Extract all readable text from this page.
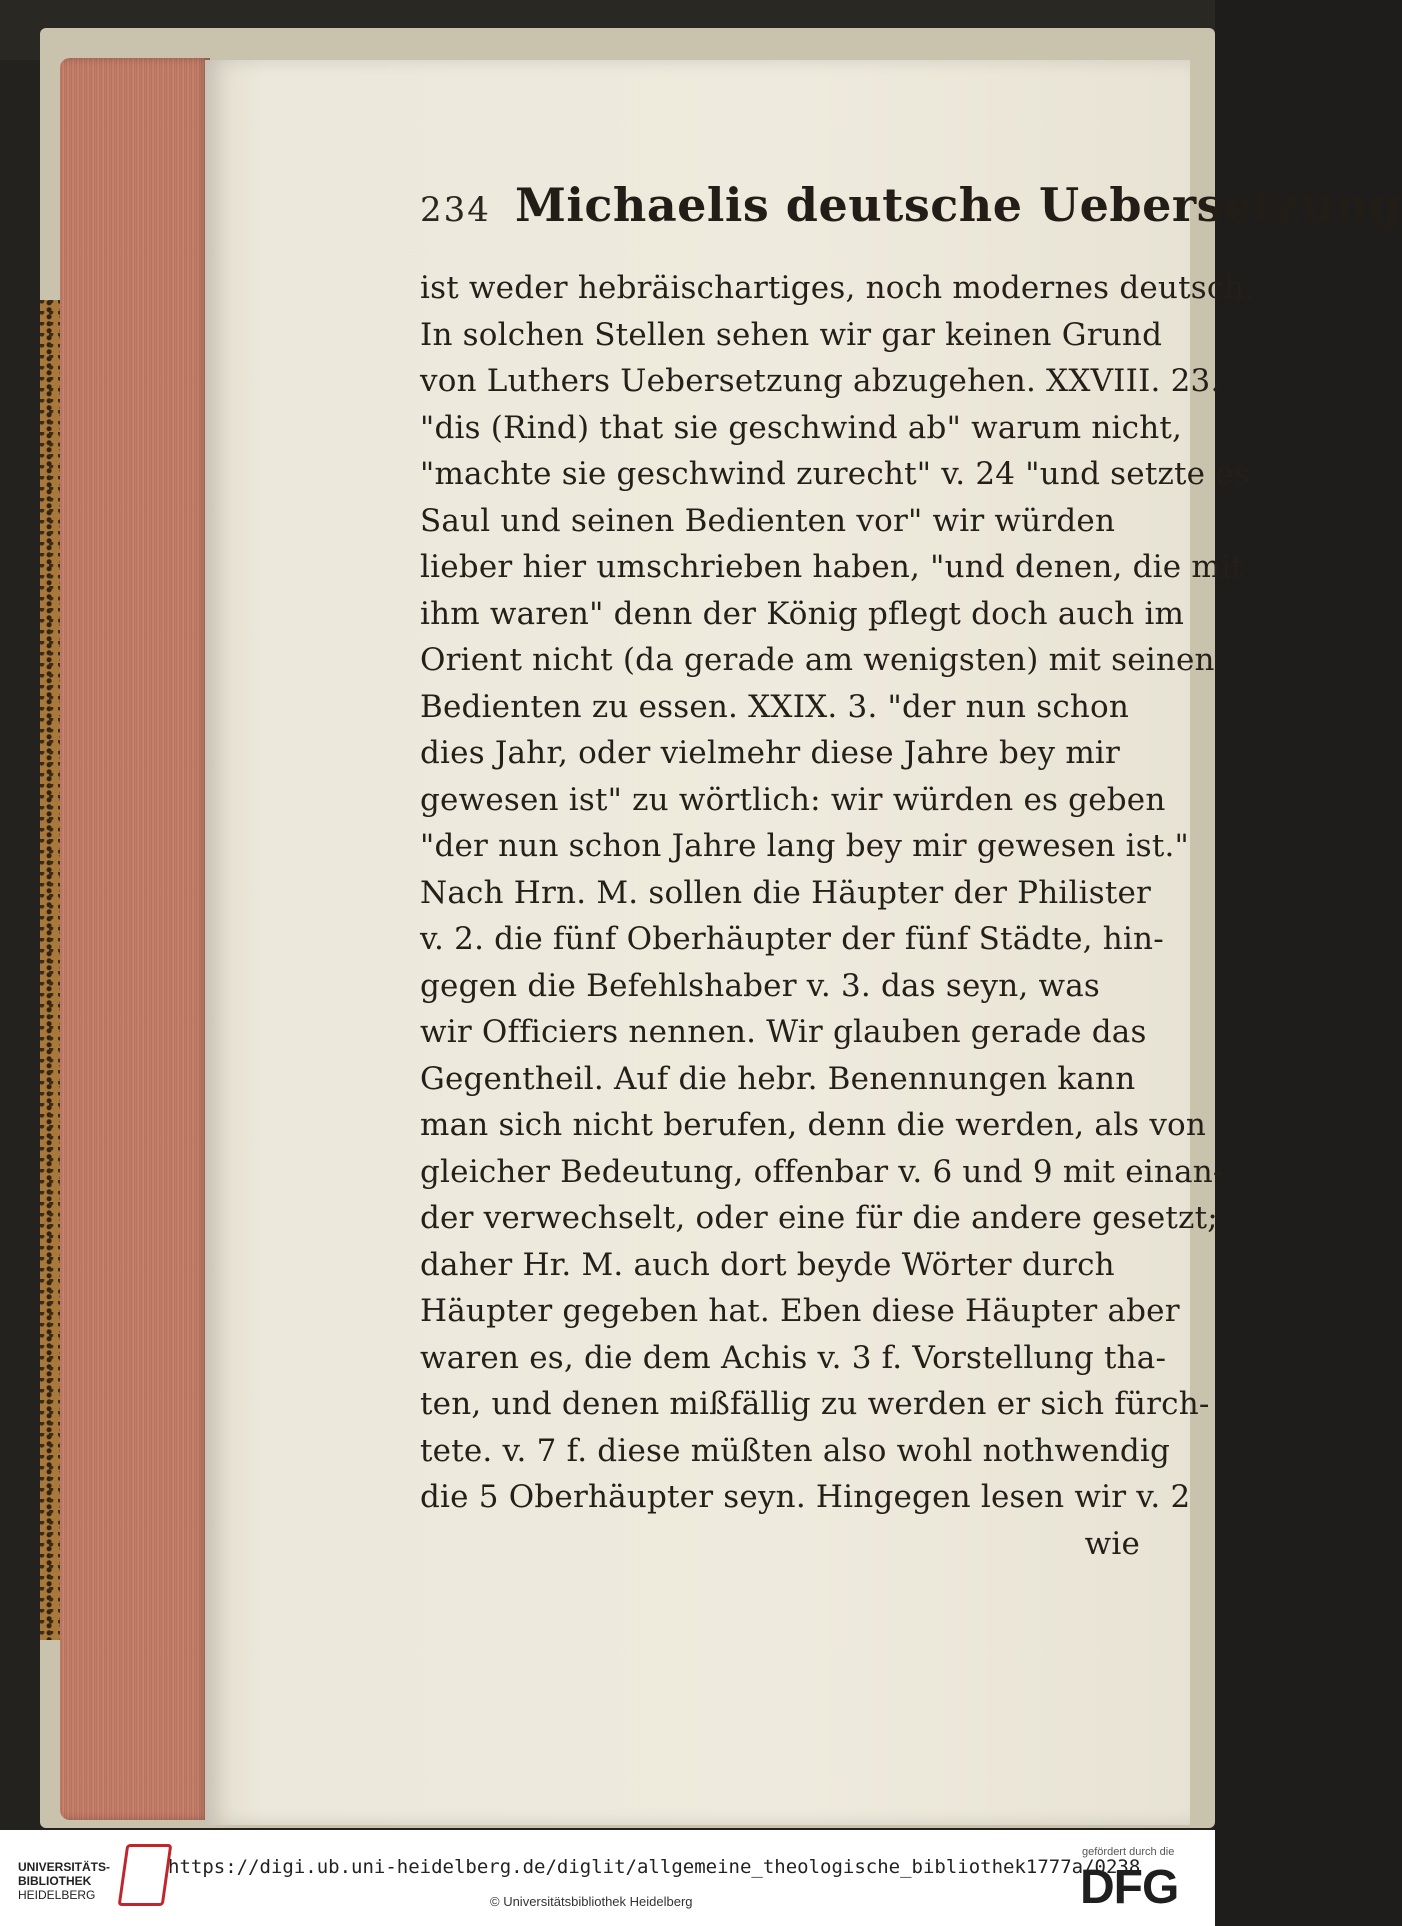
234 Michaelis deutsche Uebersetzung
ist weder hebräischartiges, noch modernes deutsch.
In solchen Stellen sehen wir gar keinen Grund
von Luthers Uebersetzung abzugehen. XXVIII. 23.
"dis (Rind) that sie geschwind ab" warum nicht,
"machte sie geschwind zurecht" v. 24 "und setzte es
Saul und seinen Bedienten vor" wir würden
lieber hier umschrieben haben, "und denen, die mit
ihm waren" denn der König pflegt doch auch im
Orient nicht (da gerade am wenigsten) mit seinen
Bedienten zu essen. XXIX. 3. "der nun schon
dies Jahr, oder vielmehr diese Jahre bey mir
gewesen ist" zu wörtlich: wir würden es geben
"der nun schon Jahre lang bey mir gewesen ist."
Nach Hrn. M. sollen die Häupter der Philister
v. 2. die fünf Oberhäupter der fünf Städte, hin-
gegen die Befehlshaber v. 3. das seyn, was
wir Officiers nennen. Wir glauben gerade das
Gegentheil. Auf die hebr. Benennungen kann
man sich nicht berufen, denn die werden, als von
gleicher Bedeutung, offenbar v. 6 und 9 mit einan-
der verwechselt, oder eine für die andere gesetzt;
daher Hr. M. auch dort beyde Wörter durch
Häupter gegeben hat. Eben diese Häupter aber
waren es, die dem Achis v. 3 f. Vorstellung tha-
ten, und denen mißfällig zu werden er sich fürch-
tete. v. 7 f. diese müßten also wohl nothwendig
die 5 Oberhäupter seyn. Hingegen lesen wir v. 2
wie
UNIVERSITÄTS-
BIBLIOTHEK
HEIDELBERG
https://digi.ub.uni-heidelberg.de/diglit/allgemeine_theologische_bibliothek1777a/0238
© Universitätsbibliothek Heidelberg
gefördert durch die
DFG
